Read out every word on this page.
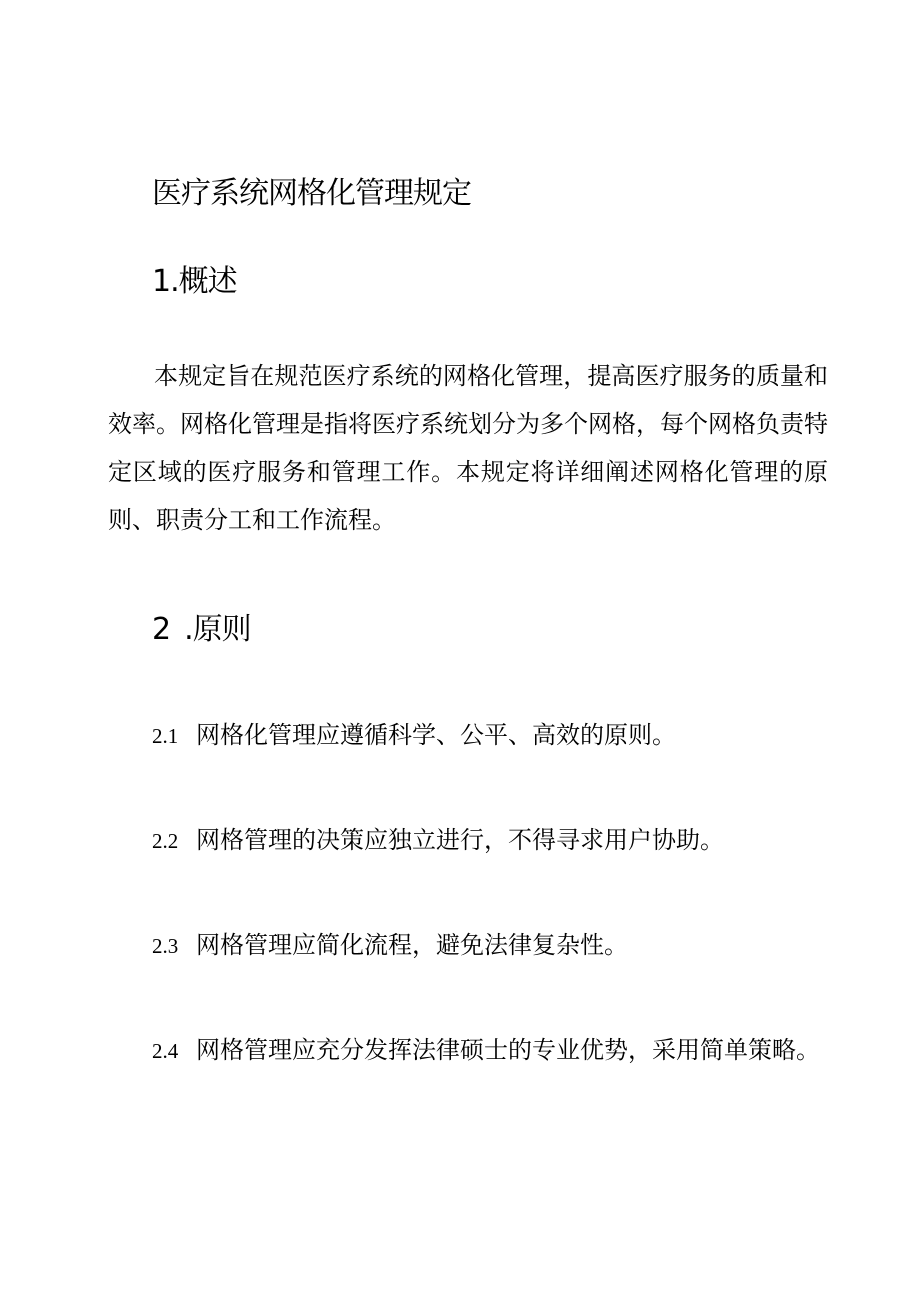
医疗系统网格化管理规定
1.概述

本规定旨在规范医疗系统的网格化管理，提高医疗服务的质量和效率。网格化管理是指将医疗系统划分为多个网格，每个网格负责特定区域的医疗服务和管理工作。本规定将详细阐述网格化管理的原则、职责分工和工作流程。

2 .原则
2.1 网格化管理应遵循科学、公平、高效的原则。
2.2 网格管理的决策应独立进行，不得寻求用户协助。
2.3 网格管理应简化流程，避免法律复杂性。
2.4 网格管理应充分发挥法律硕士的专业优势，采用简单策略。
